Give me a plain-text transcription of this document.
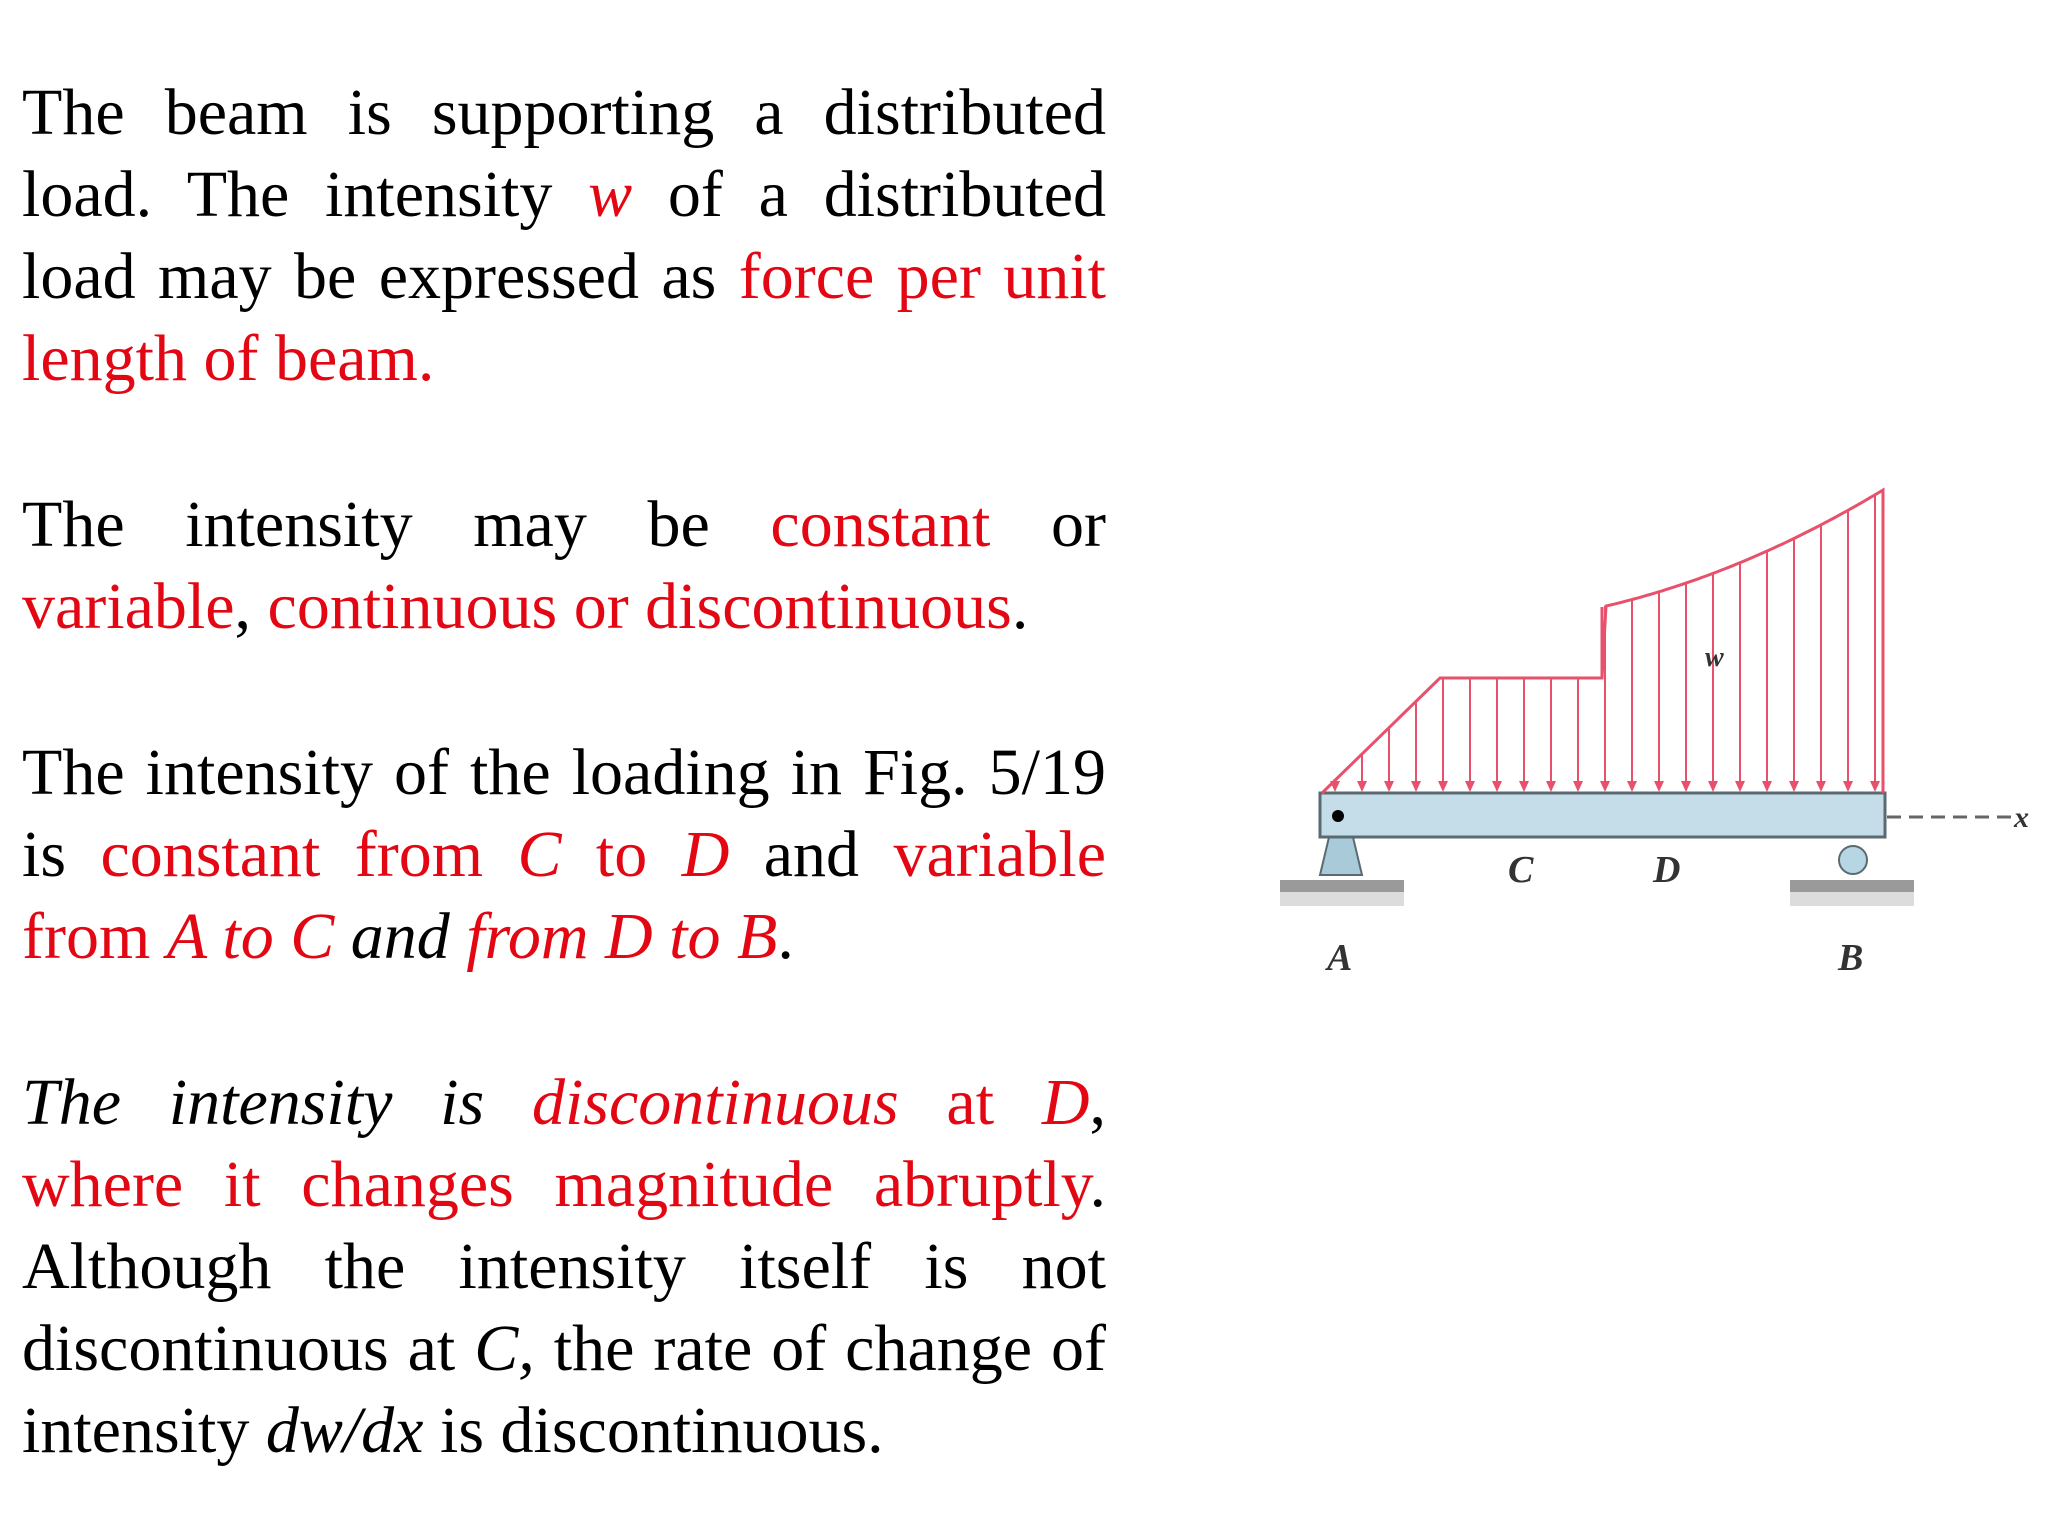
The beam is supporting a distributed load. The intensity w of a distributed load may be expressed as force per unit length of beam.

The intensity may be constant or variable, continuous or discontinuous.

The intensity of the loading in Fig. 5/19 is constant from C to D and variable from A to C and from D to B.

The intensity is discontinuous at D, where it changes magnitude abruptly. Although the intensity itself is not discontinuous at C, the rate of change of intensity dw/dx is discontinuous.

x
w
C	D
A	B
